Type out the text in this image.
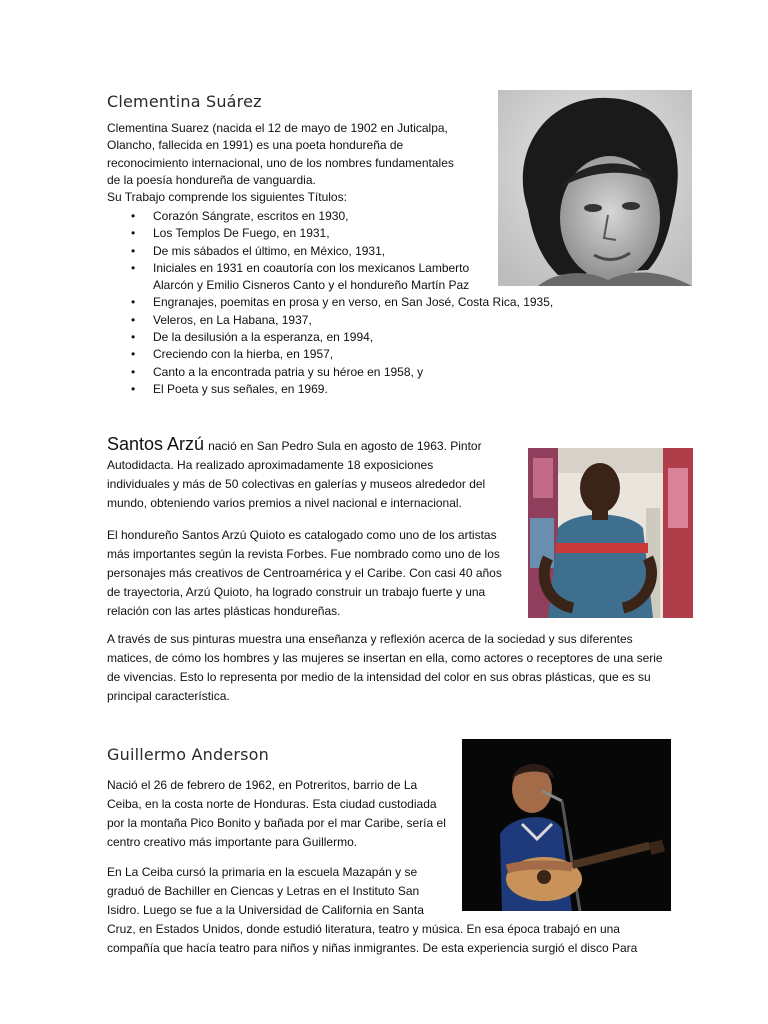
Clementina Suárez

Clementina Suarez (nacida el 12 de mayo de 1902 en Juticalpa,

Olancho, fallecida en 1991) es una poeta hondureña de

reconocimiento internacional, uno de los nombres fundamentales

de la poesía hondureña de vanguardia.

Su Trabajo comprende los siguientes Títulos:

• Corazón Sángrate, escritos en 1930,
• Los Templos De Fuego, en 1931,
• De mis sábados el último, en México, 1931,
• Iniciales en 1931 en coautoría con los mexicanos Lamberto Alarcón y Emilio Cisneros Canto y el hondureño Martín Paz
• Engranajes, poemitas en prosa y en verso, en San José, Costa Rica, 1935,
• Veleros, en La Habana, 1937,
• De la desilusión a la esperanza, en 1994,
• Creciendo con la hierba, en 1957,
• Canto a la encontrada patria y su héroe en 1958, y
• El Poeta y sus señales, en 1969.
Santos Arzú nació en San Pedro Sula en agosto de 1963. Pintor Autodidacta. Ha realizado aproximadamente 18 exposiciones individuales y más de 50 colectivas en galerías y museos alrededor del mundo, obteniendo varios premios a nivel nacional e internacional.
El hondureño Santos Arzú Quioto es catalogado como uno de los artistas más importantes según la revista Forbes. Fue nombrado como uno de los personajes más creativos de Centroamérica y el Caribe. Con casi 40 años de trayectoria, Arzú Quioto, ha logrado construir un trabajo fuerte y una relación con las artes plásticas hondureñas.
A través de sus pinturas muestra una enseñanza y reflexión acerca de la sociedad y sus diferentes matices, de cómo los hombres y las mujeres se insertan en ella, como actores o receptores de una serie de vivencias. Esto lo representa por medio de la intensidad del color en sus obras plásticas, que es su principal característica.
Guillermo Anderson
Nació el 26 de febrero de 1962, en Potreritos, barrio de La Ceiba, en la costa norte de Honduras. Esta ciudad custodiada por la montaña Pico Bonito y bañada por el mar Caribe, sería el centro creativo más importante para Guillermo.
En La Ceiba cursó la primaria en la escuela Mazapán y se graduó de Bachiller en Ciencas y Letras en el Instituto San Isidro. Luego se fue a la Universidad de California en Santa
Cruz, en Estados Unidos, donde estudió literatura, teatro y música. En esa época trabajó en una compañía que hacía teatro para niños y niñas inmigrantes. De esta experiencia surgió el disco Para
